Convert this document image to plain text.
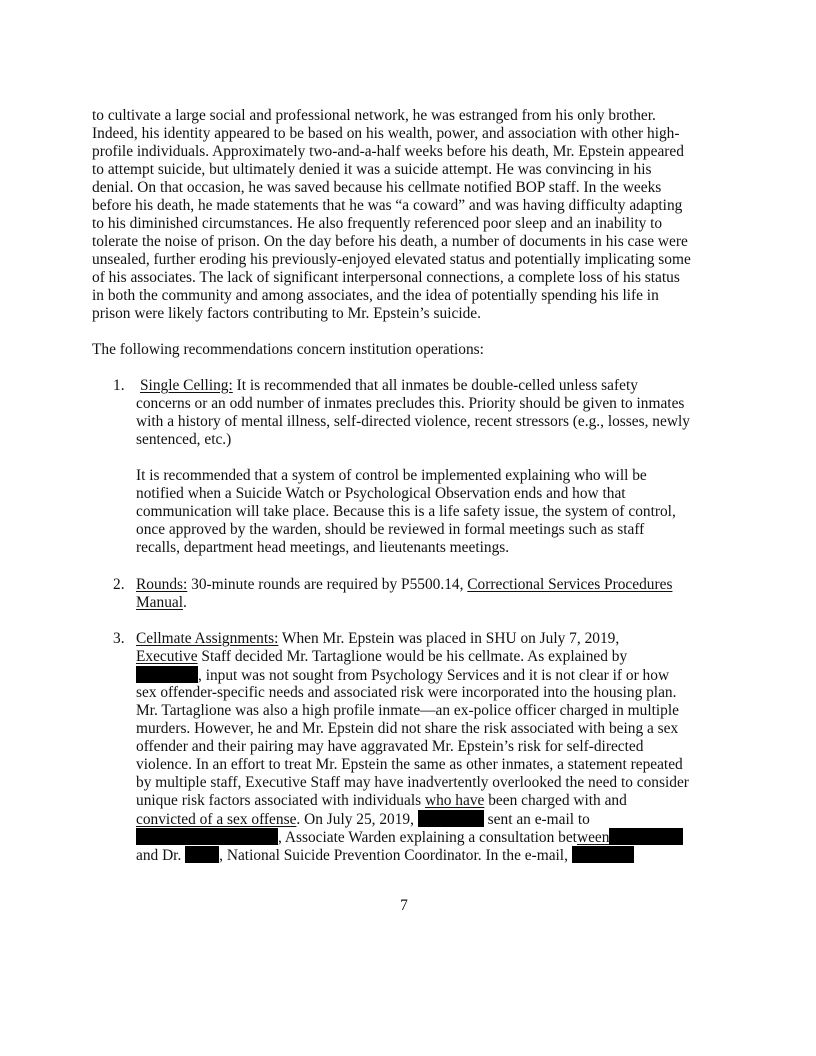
to cultivate a large social and professional network, he was estranged from his only brother.
Indeed, his identity appeared to be based on his wealth, power, and association with other high-
profile individuals. Approximately two-and-a-half weeks before his death, Mr. Epstein appeared
to attempt suicide, but ultimately denied it was a suicide attempt. He was convincing in his
denial. On that occasion, he was saved because his cellmate notified BOP staff. In the weeks
before his death, he made statements that he was “a coward” and was having difficulty adapting
to his diminished circumstances. He also frequently referenced poor sleep and an inability to
tolerate the noise of prison. On the day before his death, a number of documents in his case were
unsealed, further eroding his previously-enjoyed elevated status and potentially implicating some
of his associates. The lack of significant interpersonal connections, a complete loss of his status
in both the community and among associates, and the idea of potentially spending his life in
prison were likely factors contributing to Mr. Epstein’s suicide.
The following recommendations concern institution operations:
1. Single Celling: It is recommended that all inmates be double-celled unless safety
concerns or an odd number of inmates precludes this. Priority should be given to inmates
with a history of mental illness, self-directed violence, recent stressors (e.g., losses, newly
sentenced, etc.)
It is recommended that a system of control be implemented explaining who will be
notified when a Suicide Watch or Psychological Observation ends and how that
communication will take place. Because this is a life safety issue, the system of control,
once approved by the warden, should be reviewed in formal meetings such as staff
recalls, department head meetings, and lieutenants meetings.
2. Rounds: 30-minute rounds are required by P5500.14, Correctional Services Procedures
Manual.
3. Cellmate Assignments: When Mr. Epstein was placed in SHU on July 7, 2019,
Executive Staff decided Mr. Tartaglione would be his cellmate. As explained by
, input was not sought from Psychology Services and it is not clear if or how
sex offender-specific needs and associated risk were incorporated into the housing plan.
Mr. Tartaglione was also a high profile inmate—an ex-police officer charged in multiple
murders. However, he and Mr. Epstein did not share the risk associated with being a sex
offender and their pairing may have aggravated Mr. Epstein’s risk for self-directed
violence. In an effort to treat Mr. Epstein the same as other inmates, a statement repeated
by multiple staff, Executive Staff may have inadvertently overlooked the need to consider
unique risk factors associated with individuals who have been charged with and
convicted of a sex offense. On July 25, 2019,	sent an e-mail to
, Associate Warden explaining a consultation between
and Dr. , National Suicide Prevention Coordinator. In the e-mail,
7
